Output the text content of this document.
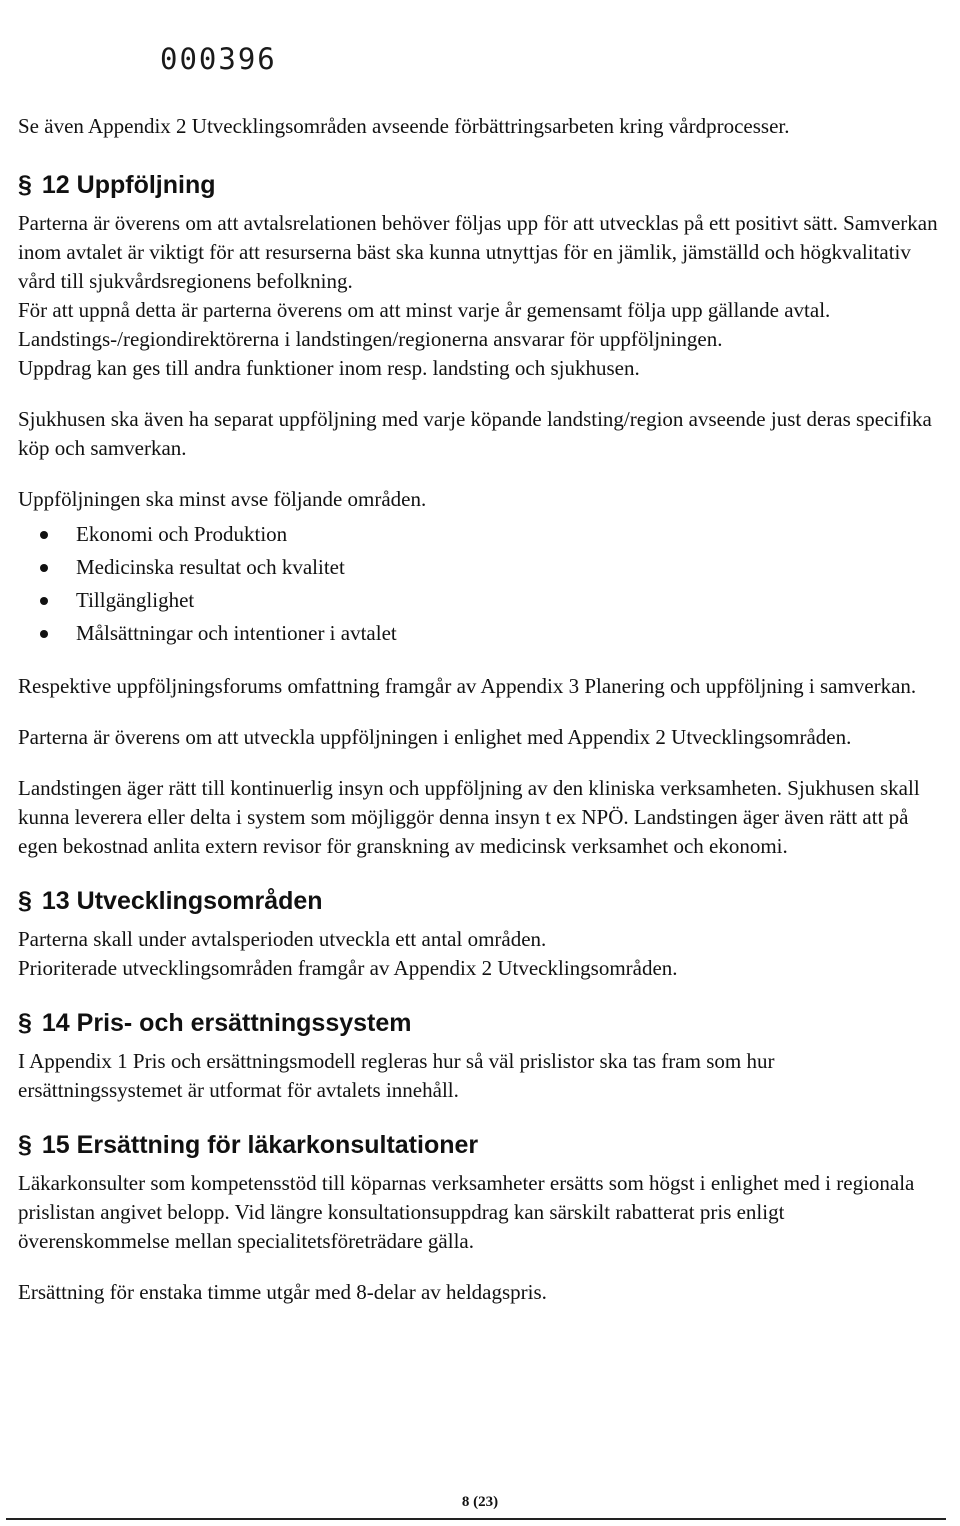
000396

Se även Appendix 2 Utvecklingsområden avseende förbättringsarbeten kring vårdprocesser.

§ 12 Uppföljning

Parterna är överens om att avtalsrelationen behöver följas upp för att utvecklas på ett positivt sätt. Samverkan inom avtalet är viktigt för att resurserna bäst ska kunna utnyttjas för en jämlik, jämställd och högkvalitativ vård till sjukvårdsregionens befolkning.

För att uppnå detta är parterna överens om att minst varje år gemensamt följa upp gällande avtal.

Landstings-/regiondirektörerna i landstingen/regionerna ansvarar för uppföljningen.

Uppdrag kan ges till andra funktioner inom resp. landsting och sjukhusen.

Sjukhusen ska även ha separat uppföljning med varje köpande landsting/region avseende just deras specifika köp och samverkan.

Uppföljningen ska minst avse följande områden.

Ekonomi och Produktion
Medicinska resultat och kvalitet
Tillgänglighet
Målsättningar och intentioner i avtalet

Respektive uppföljningsforums omfattning framgår av Appendix 3 Planering och uppföljning i samverkan.

Parterna är överens om att utveckla uppföljningen i enlighet med Appendix 2 Utvecklingsområden.

Landstingen äger rätt till kontinuerlig insyn och uppföljning av den kliniska verksamheten. Sjukhusen skall kunna leverera eller delta i system som möjliggör denna insyn t ex NPÖ. Landstingen äger även rätt att på egen bekostnad anlita extern revisor för granskning av medicinsk verksamhet och ekonomi.

§ 13 Utvecklingsområden

Parterna skall under avtalsperioden utveckla ett antal områden.

Prioriterade utvecklingsområden framgår av Appendix 2 Utvecklingsområden.

§ 14 Pris- och ersättningssystem

I Appendix 1 Pris och ersättningsmodell regleras hur så väl prislistor ska tas fram som hur ersättningssystemet är utformat för avtalets innehåll.

§ 15 Ersättning för läkarkonsultationer

Läkarkonsulter som kompetensstöd till köparnas verksamheter ersätts som högst i enlighet med i regionala prislistan angivet belopp. Vid längre konsultationsuppdrag kan särskilt rabatterat pris enligt överenskommelse mellan specialitetsföreträdare gälla.

Ersättning för enstaka timme utgår med 8-delar av heldagspris.

8 (23)
